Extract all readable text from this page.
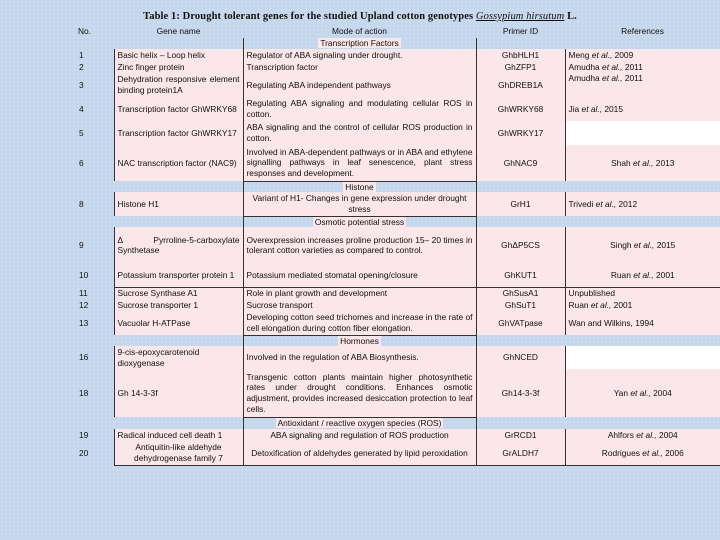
Table 1: Drought tolerant genes for the studied Upland cotton genotypes Gossypium hirsutum L.
No.	Gene name	Mode of action	Primer ID	References
		Transcription Factors		
1	Basic helix – Loop helix	Regulator of ABA signaling under drought.	GhbHLH1	Meng et al., 2009
2	Zinc finger protein	Transcription factor	GhZFP1	Amudha et al., 2011
3	Dehydration responsive element binding protein1A	Regulating ABA independent pathways	GhDREB1A	Amudha et al., 2011
4	Transcription factor GhWRKY68	Regulating ABA signaling and modulating cellular ROS in cotton.	GhWRKY68	Jia et al., 2015
5	Transcription factor GhWRKY17	ABA signaling and the control of cellular ROS production in cotton.	GhWRKY17	
6	NAC transcription factor (NAC9)	Involved in ABA-dependent pathways or in ABA and ethylene signalling pathways in leaf senescence, plant stress responses and development.	GhNAC9	Shah et al., 2013
		Histone		
8	Histone H1	Variant of H1- Changes in gene expression under drought stress	GrH1	Trivedi et al., 2012
		Osmotic potential stress		
9	Δ Pyrroline-5-carboxylate Synthetase	Overexpression increases proline production 15– 20 times in tolerant cotton varieties as compared to control.	GhΔP5CS	Singh et al., 2015
10	Potassium transporter protein 1	Potassium mediated stomatal opening/closure	GhKUT1	Ruan et al., 2001
11	Sucrose Synthase A1	Role in plant growth and development	GhSusA1	Unpublished
12	Sucrose transporter 1	Sucrose transport	GhSuT1	Ruan et al., 2001
13	Vacuolar H-ATPase	Developing cotton seed trichomes and increase in the rate of cell elongation during cotton fiber elongation.	GhVATpase	Wan and Wilkins, 1994
		Hormones		
16	9-cis-epoxycarotenoid dioxygenase	Involved in the regulation of ABA Biosynthesis.	GhNCED	
18	Gh 14-3-3f	Transgenic cotton plants maintain higher photosynthetic rates under drought conditions. Enhances osmotic adjustment, provides increased desiccation protection to leaf cells.	Gh14-3-3f	Yan et al., 2004
		Antioxidant / reactive oxygen species (ROS)		
19	Radical induced cell death 1	ABA signaling and regulation of ROS production	GrRCD1	Ahlfors et al., 2004
20	Antiquitin-like aldehyde dehydrogenase family 7	Detoxification of aldehydes generated by lipid peroxidation	GrALDH7	Rodrigues et al., 2006
